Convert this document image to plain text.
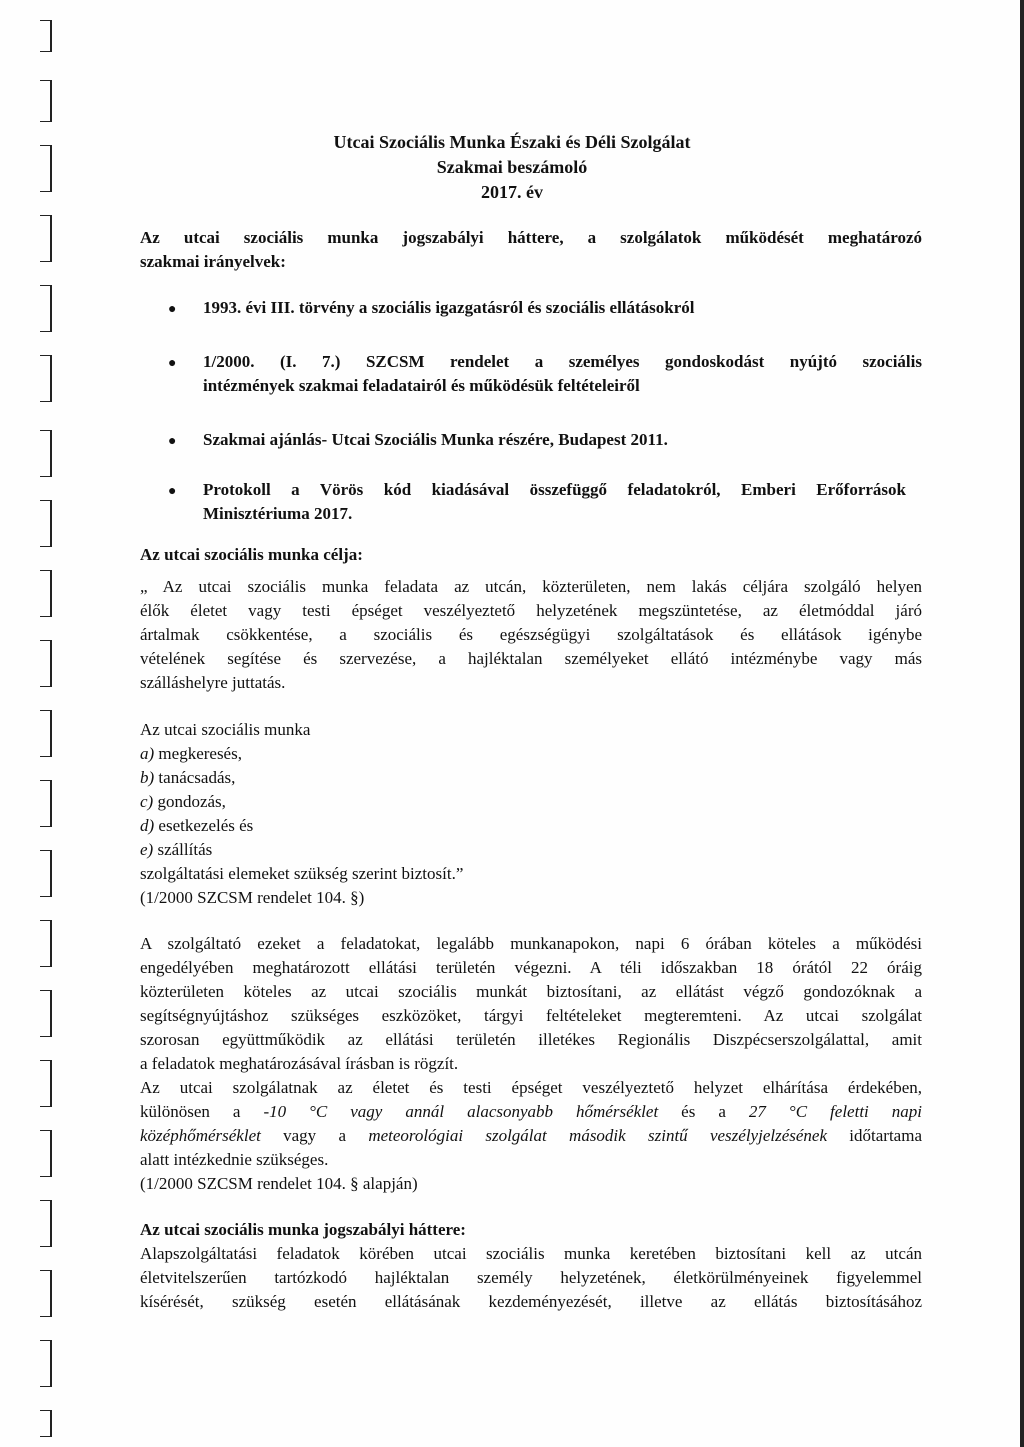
Utcai Szociális Munka Északi és Déli Szolgálat
Szakmai beszámoló
2017. év
Az utcai szociális munka jogszabályi háttere, a szolgálatok működését meghatározó
szakmai irányelvek:
● 1993. évi III. törvény a szociális igazgatásról és szociális ellátásokról
● 1/2000. (I. 7.) SZCSM rendelet a személyes gondoskodást nyújtó szociális
intézmények szakmai feladatairól és működésük feltételeiről
● Szakmai ajánlás- Utcai Szociális Munka részére, Budapest 2011.
● Protokoll a Vörös kód kiadásával összefüggő feladatokról, Emberi Erőforrások
Minisztériuma 2017.
Az utcai szociális munka célja:
„ Az utcai szociális munka feladata az utcán, közterületen, nem lakás céljára szolgáló helyen
élők életet vagy testi épséget veszélyeztető helyzetének megszüntetése, az életmóddal járó
ártalmak csökkentése, a szociális és egészségügyi szolgáltatások és ellátások igénybe
vételének segítése és szervezése, a hajléktalan személyeket ellátó intézménybe vagy más
szálláshelyre juttatás.
Az utcai szociális munka
a) megkeresés,
b) tanácsadás,
c) gondozás,
d) esetkezelés és
e) szállítás
szolgáltatási elemeket szükség szerint biztosít.”
(1/2000 SZCSM rendelet 104. §)
A szolgáltató ezeket a feladatokat, legalább munkanapokon, napi 6 órában köteles a működési
engedélyében meghatározott ellátási területén végezni. A téli időszakban 18 órától 22 óráig
közterületen köteles az utcai szociális munkát biztosítani, az ellátást végző gondozóknak a
segítségnyújtáshoz szükséges eszközöket, tárgyi feltételeket megteremteni. Az utcai szolgálat
szorosan együttműködik az ellátási területén illetékes Regionális Diszpécserszolgálattal, amit
a feladatok meghatározásával írásban is rögzít.
Az utcai szolgálatnak az életet és testi épséget veszélyeztető helyzet elhárítása érdekében,
különösen a -10 °C vagy annál alacsonyabb hőmérséklet és a 27 °C feletti napi
középhőmérséklet vagy a meteorológiai szolgálat második szintű veszélyjelzésének időtartama
alatt intézkednie szükséges.
(1/2000 SZCSM rendelet 104. § alapján)
Az utcai szociális munka jogszabályi háttere:
Alapszolgáltatási feladatok körében utcai szociális munka keretében biztosítani kell az utcán
életvitelszerűen tartózkodó hajléktalan személy helyzetének, életkörülményeinek figyelemmel
kísérését, szükség esetén ellátásának kezdeményezését, illetve az ellátás biztosításához
